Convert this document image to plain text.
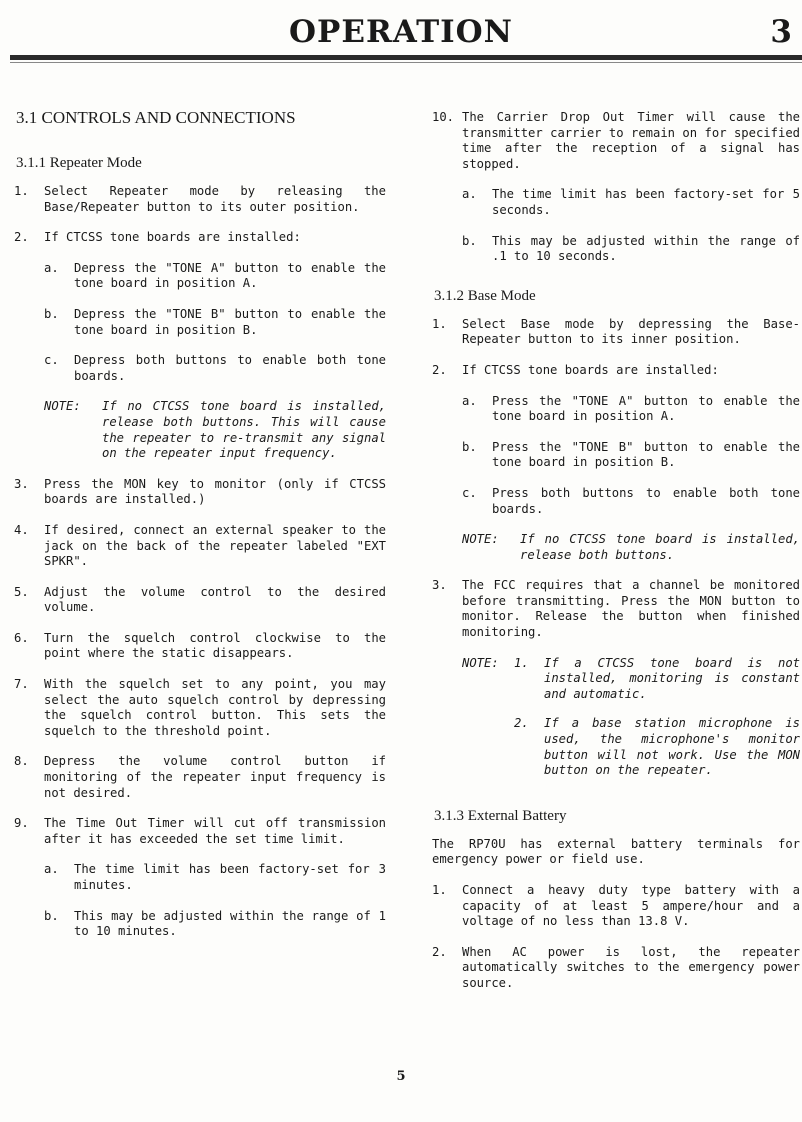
OPERATION	3
3.1 CONTROLS AND CONNECTIONS
3.1.1 Repeater Mode
1.	Select Repeater mode by releasing the Base/Repeater button to its outer position.
2.	If CTCSS tone boards are installed:
a.	Depress the "TONE A" button to enable the tone board in position A.
b.	Depress the "TONE B" button to enable the tone board in position B.
c.	Depress both buttons to enable both tone boards.
NOTE:	If no CTCSS tone board is installed, release both buttons. This will cause the repeater to re-transmit any signal on the repeater input frequency.
3.	Press the MON key to monitor (only if CTCSS boards are installed.)
4.	If desired, connect an external speaker to the jack on the back of the repeater labeled "EXT SPKR".
5.	Adjust the volume control to the desired volume.
6.	Turn the squelch control clockwise to the point where the static disappears.
7.	With the squelch set to any point, you may select the auto squelch control by depressing the squelch control button. This sets the squelch to the threshold point.
8.	Depress the volume control button if monitoring of the repeater input frequency is not desired.
9.	The Time Out Timer will cut off transmission after it has exceeded the set time limit.
a.	The time limit has been factory-set for 3 minutes.
b.	This may be adjusted within the range of 1 to 10 minutes.
10. The Carrier Drop Out Timer will cause the transmitter carrier to remain on for specified time after the reception of a signal has stopped.
a.	The time limit has been factory-set for 5 seconds.
b.	This may be adjusted within the range of .1 to 10 seconds.
3.1.2 Base Mode
1.	Select Base mode by depressing the Base-Repeater button to its inner position.
2.	If CTCSS tone boards are installed:
a.	Press the "TONE A" button to enable the tone board in position A.
b.	Press the "TONE B" button to enable the tone board in position B.
c.	Press both buttons to enable both tone boards.
NOTE:	If no CTCSS tone board is installed, release both buttons.
3.	The FCC requires that a channel be monitored before transmitting. Press the MON button to monitor. Release the button when finished monitoring.
NOTE:	1.	If a CTCSS tone board is not installed, monitoring is constant and automatic.
2.	If a base station microphone is used, the microphone's monitor button will not work. Use the MON button on the repeater.
3.1.3 External Battery
The RP70U has external battery terminals for emergency power or field use.
1.	Connect a heavy duty type battery with a capacity of at least 5 ampere/hour and a voltage of no less than 13.8 V.
2.	When AC power is lost, the repeater automatically switches to the emergency power source.
5
